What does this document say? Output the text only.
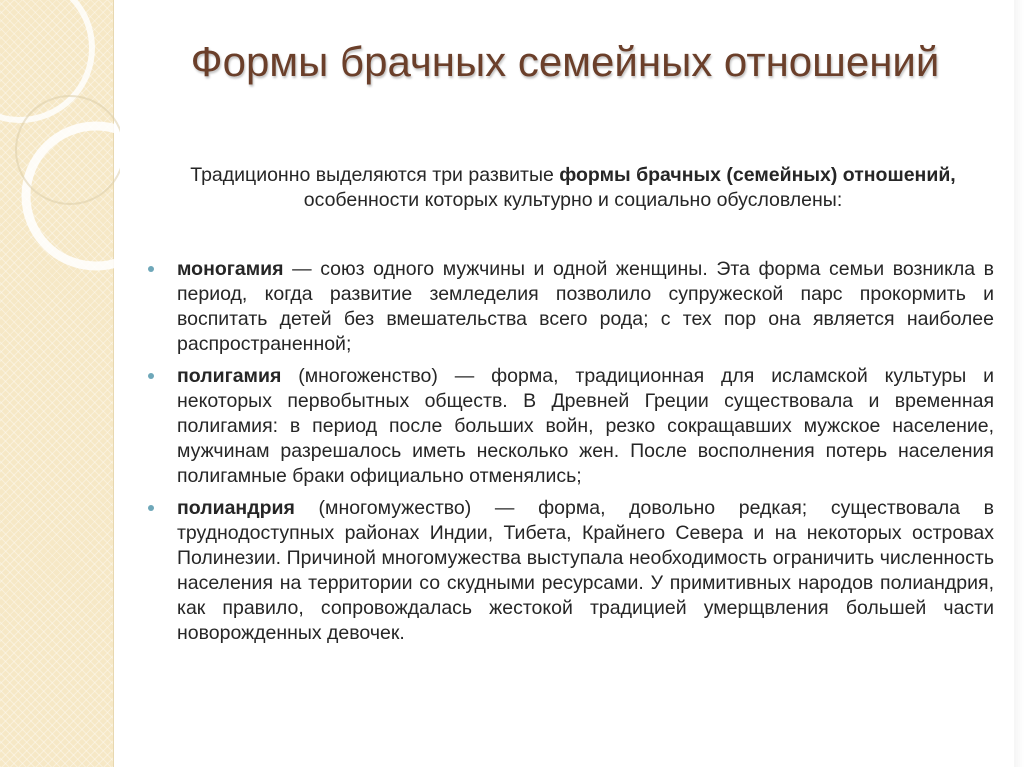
Формы брачных семейных отношений
Традиционно выделяются три развитые формы брачных (семейных) отношений, особенности которых культурно и социально обусловлены:
моногамия — союз одного мужчины и одной женщины. Эта форма семьи возникла в период, когда развитие земледелия позволило супружеской парс прокормить и воспитать детей без вмешательства всего рода; с тех пор она является наиболее распространенной;
полигамия (многоженство) — форма, традиционная для исламской культуры и некоторых первобытных обществ. В Древней Греции существовала и временная полигамия: в период после больших войн, резко сокращавших мужское население, мужчинам разрешалось иметь несколько жен. После восполнения потерь населения полигамные браки официально отменялись;
полиандрия (многомужество) — форма, довольно редкая; существовала в труднодоступных районах Индии, Тибета, Крайнего Севера и на некоторых островах Полинезии. Причиной многомужества выступала необходимость ограничить численность населения на территории со скудными ресурсами. У примитивных народов полиандрия, как правило, сопровождалась жестокой традицией умерщвления большей части новорожденных девочек.
